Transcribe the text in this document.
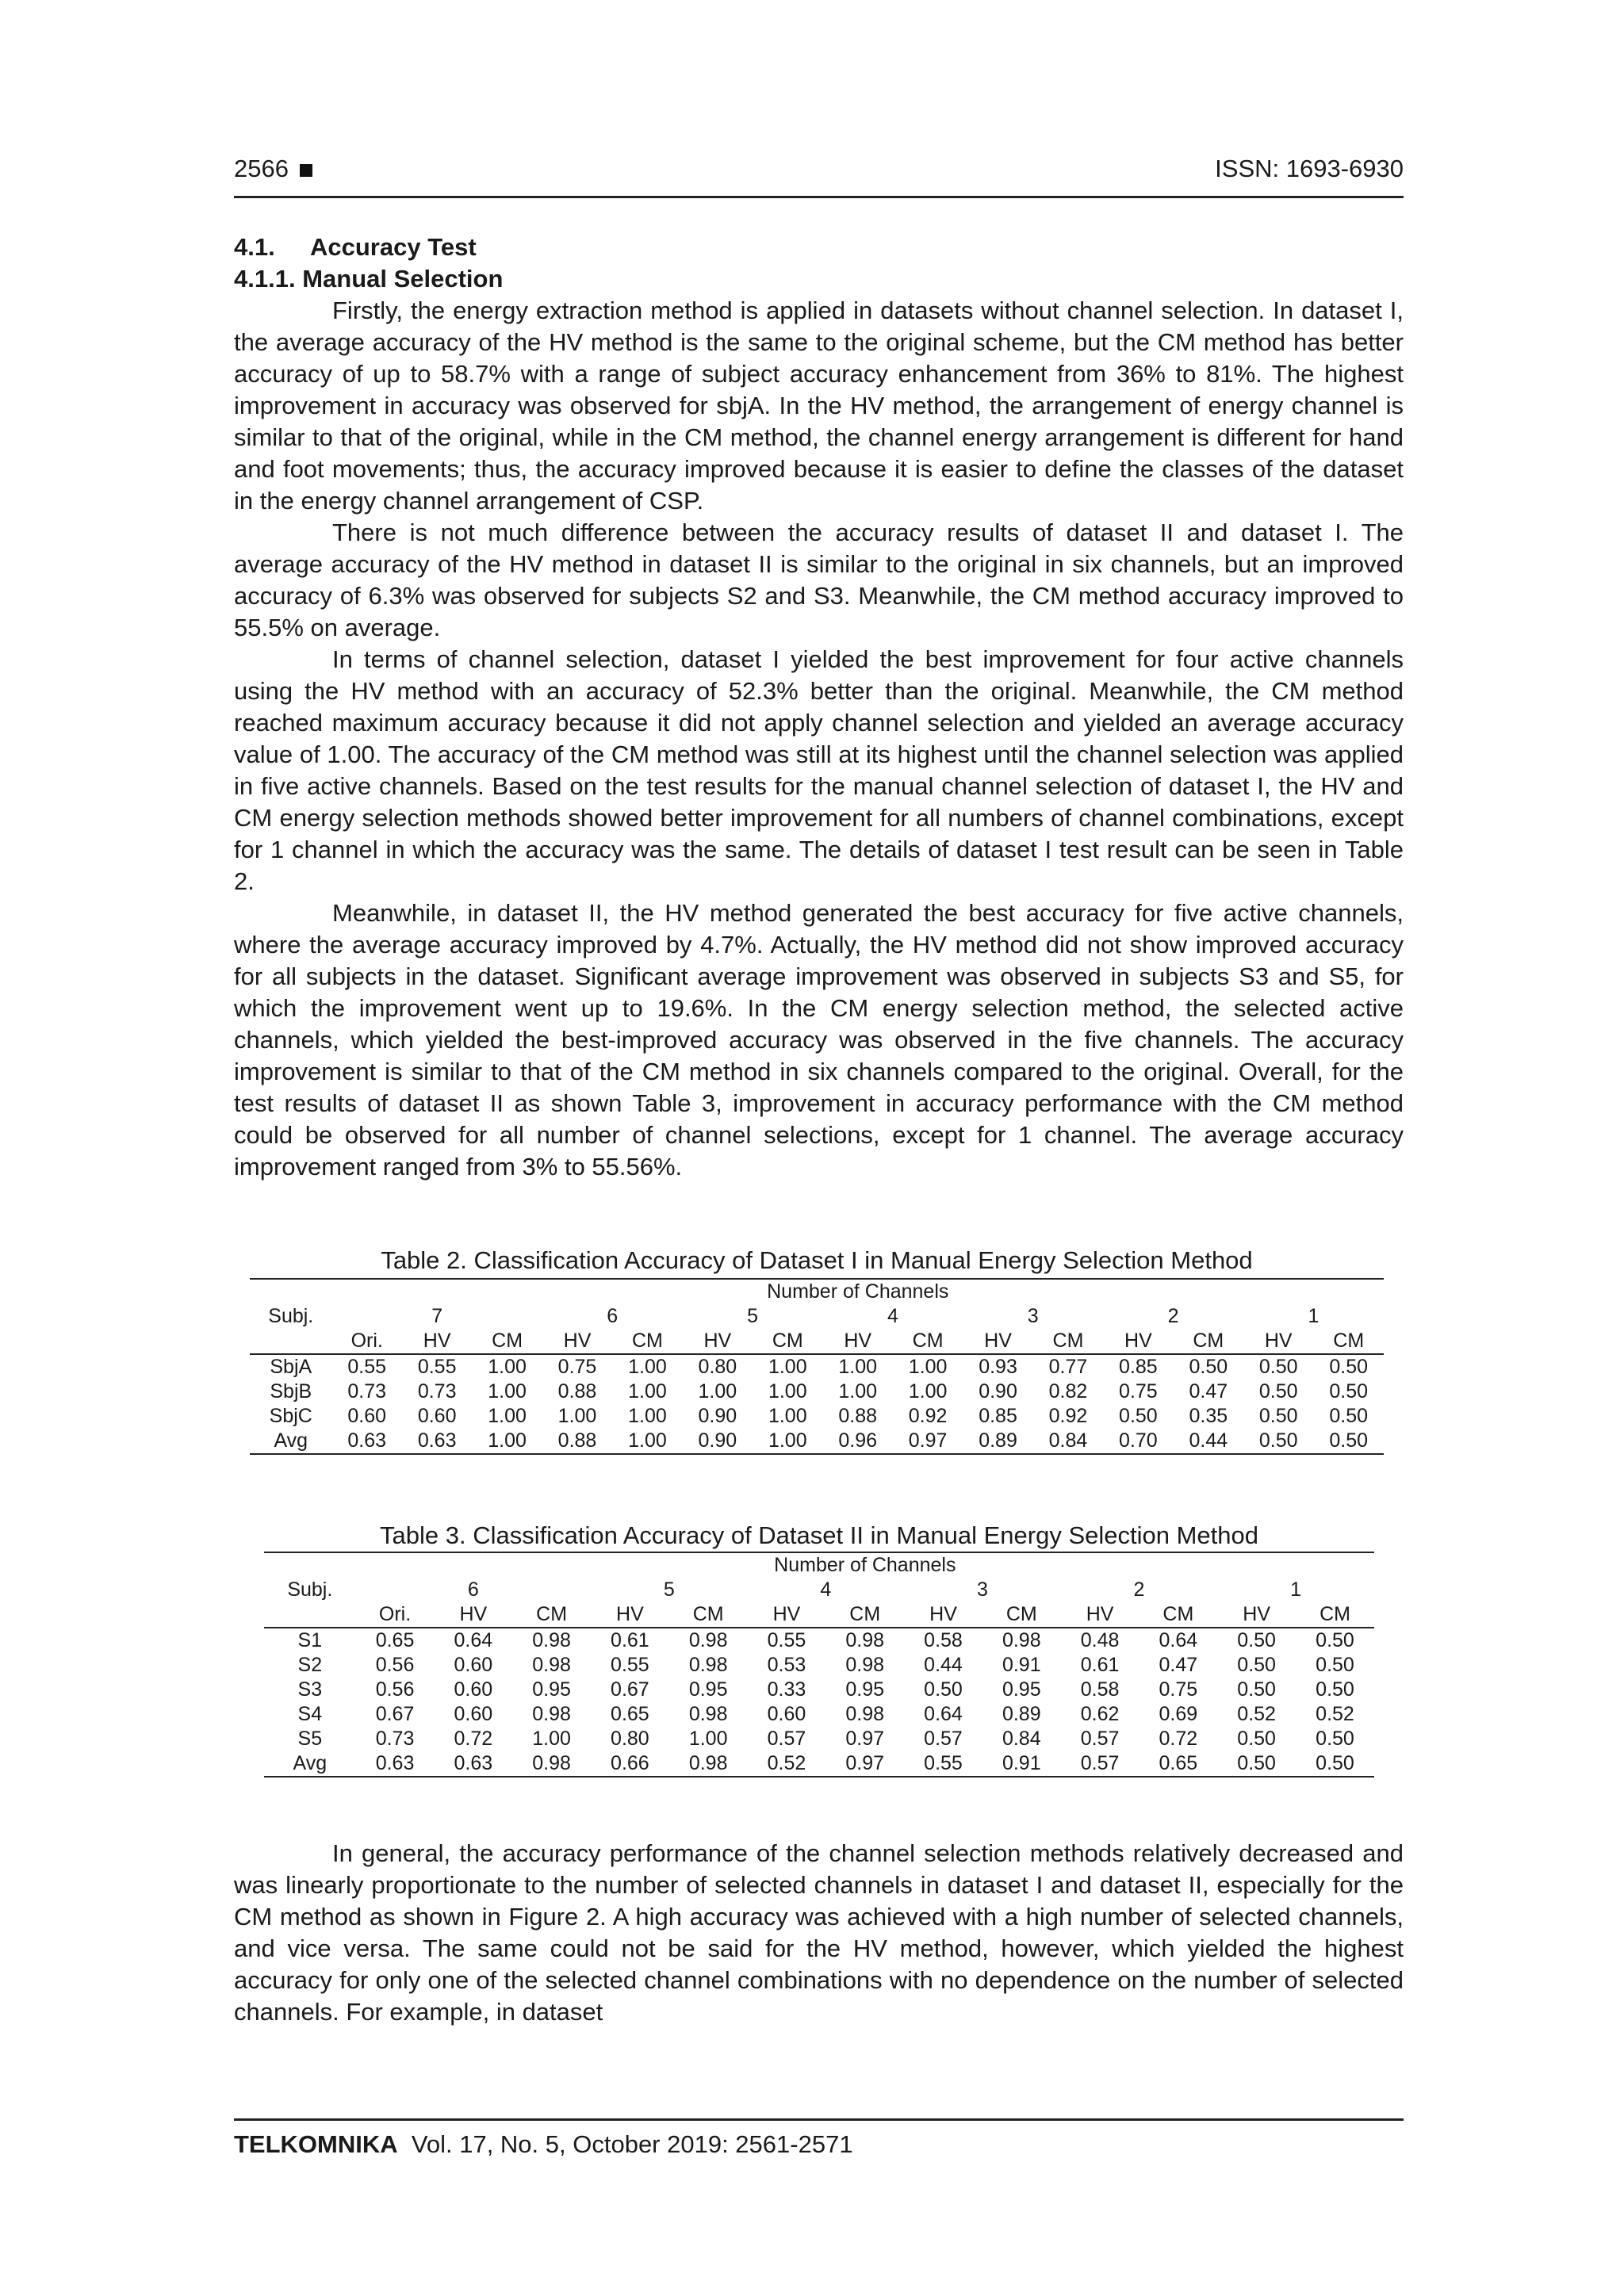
2566	ISSN: 1693-6930
4.1. Accuracy Test
4.1.1. Manual Selection

Firstly, the energy extraction method is applied in datasets without channel selection. In dataset I, the average accuracy of the HV method is the same to the original scheme, but the CM method has better accuracy of up to 58.7% with a range of subject accuracy enhancement from 36% to 81%. The highest improvement in accuracy was observed for sbjA. In the HV method, the arrangement of energy channel is similar to that of the original, while in the CM method, the channel energy arrangement is different for hand and foot movements; thus, the accuracy improved because it is easier to define the classes of the dataset in the energy channel arrangement of CSP.

There is not much difference between the accuracy results of dataset II and dataset I. The average accuracy of the HV method in dataset II is similar to the original in six channels, but an improved accuracy of 6.3% was observed for subjects S2 and S3. Meanwhile, the CM method accuracy improved to 55.5% on average.

In terms of channel selection, dataset I yielded the best improvement for four active channels using the HV method with an accuracy of 52.3% better than the original. Meanwhile, the CM method reached maximum accuracy because it did not apply channel selection and yielded an average accuracy value of 1.00. The accuracy of the CM method was still at its highest until the channel selection was applied in five active channels. Based on the test results for the manual channel selection of dataset I, the HV and CM energy selection methods showed better improvement for all numbers of channel combinations, except for 1 channel in which the accuracy was the same. The details of dataset I test result can be seen in Table 2.

Meanwhile, in dataset II, the HV method generated the best accuracy for five active channels, where the average accuracy improved by 4.7%. Actually, the HV method did not show improved accuracy for all subjects in the dataset. Significant average improvement was observed in subjects S3 and S5, for which the improvement went up to 19.6%. In the CM energy selection method, the selected active channels, which yielded the best-improved accuracy was observed in the five channels. The accuracy improvement is similar to that of the CM method in six channels compared to the original. Overall, for the test results of dataset II as shown Table 3, improvement in accuracy performance with the CM method could be observed for all number of channel selections, except for 1 channel. The average accuracy improvement ranged from 3% to 55.56%.

Table 2. Classification Accuracy of Dataset I in Manual Energy Selection Method
	Number of Channels														
Subj.	7			6		5		4		3		2		1	
	Ori.	HV	CM	HV	CM	HV	CM	HV	CM	HV	CM	HV	CM	HV	CM
SbjA	0.55	0.55	1.00	0.75	1.00	0.80	1.00	1.00	1.00	0.93	0.77	0.85	0.50	0.50	0.50
SbjB	0.73	0.73	1.00	0.88	1.00	1.00	1.00	1.00	1.00	0.90	0.82	0.75	0.47	0.50	0.50
SbjC	0.60	0.60	1.00	1.00	1.00	0.90	1.00	0.88	0.92	0.85	0.92	0.50	0.35	0.50	0.50
Avg	0.63	0.63	1.00	0.88	1.00	0.90	1.00	0.96	0.97	0.89	0.84	0.70	0.44	0.50	0.50
Table 3. Classification Accuracy of Dataset II in Manual Energy Selection Method
	Number of Channels												
Subj.	6			5		4		3		2		1	
	Ori.	HV	CM	HV	CM	HV	CM	HV	CM	HV	CM	HV	CM
S1	0.65	0.64	0.98	0.61	0.98	0.55	0.98	0.58	0.98	0.48	0.64	0.50	0.50
S2	0.56	0.60	0.98	0.55	0.98	0.53	0.98	0.44	0.91	0.61	0.47	0.50	0.50
S3	0.56	0.60	0.95	0.67	0.95	0.33	0.95	0.50	0.95	0.58	0.75	0.50	0.50
S4	0.67	0.60	0.98	0.65	0.98	0.60	0.98	0.64	0.89	0.62	0.69	0.52	0.52
S5	0.73	0.72	1.00	0.80	1.00	0.57	0.97	0.57	0.84	0.57	0.72	0.50	0.50
Avg	0.63	0.63	0.98	0.66	0.98	0.52	0.97	0.55	0.91	0.57	0.65	0.50	0.50

In general, the accuracy performance of the channel selection methods relatively decreased and was linearly proportionate to the number of selected channels in dataset I and dataset II, especially for the CM method as shown in Figure 2. A high accuracy was achieved with a high number of selected channels, and vice versa. The same could not be said for the HV method, however, which yielded the highest accuracy for only one of the selected channel combinations with no dependence on the number of selected channels. For example, in dataset

TELKOMNIKA Vol. 17, No. 5, October 2019: 2561-2571
